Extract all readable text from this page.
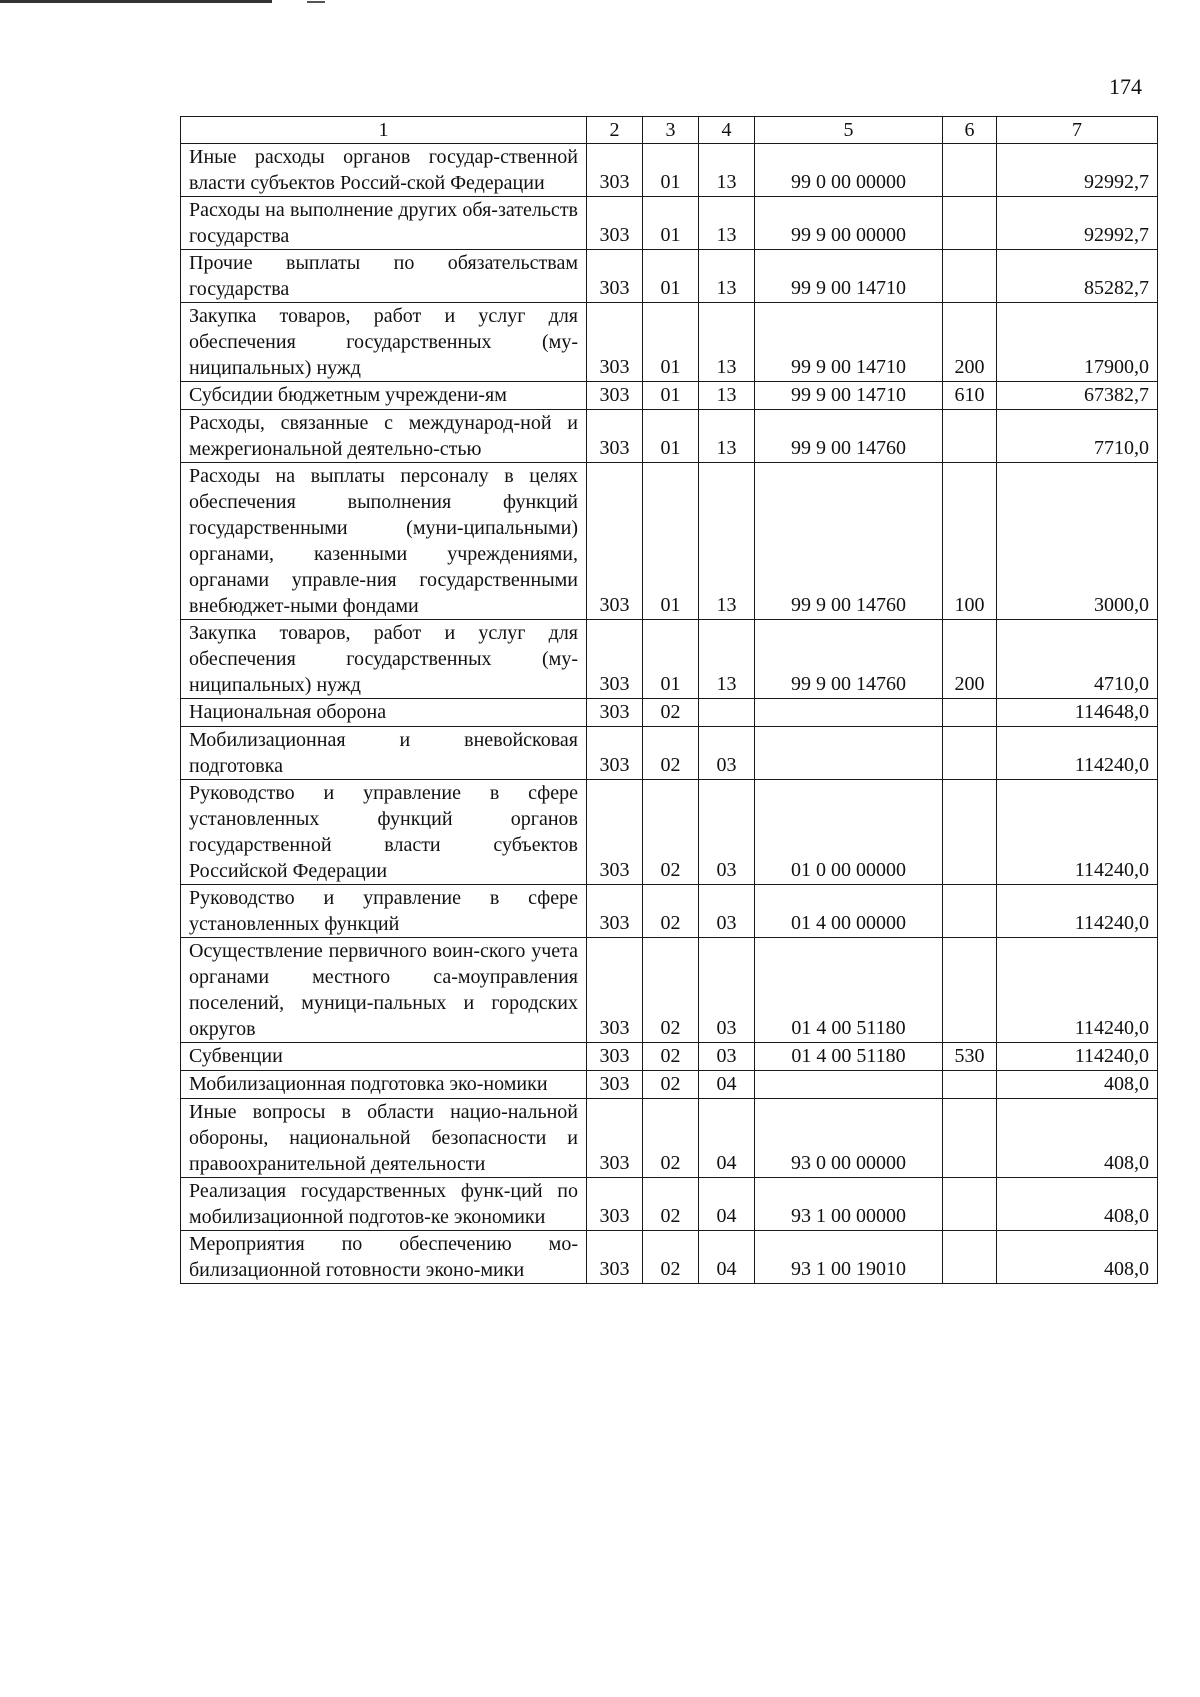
174
1	2	3	4	5	6	7
Иные расходы органов государ-ственной власти субъектов Россий-ской Федерации	303	01	13	99 0 00 00000		92992,7
Расходы на выполнение других обя-зательств государства	303	01	13	99 9 00 00000		92992,7
Прочие выплаты по обязательствам государства	303	01	13	99 9 00 14710		85282,7
Закупка товаров, работ и услуг для обеспечения государственных (му-ниципальных) нужд	303	01	13	99 9 00 14710	200	17900,0
Субсидии бюджетным учреждени-ям	303	01	13	99 9 00 14710	610	67382,7
Расходы, связанные с международ-ной и межрегиональной деятельно-стью	303	01	13	99 9 00 14760		7710,0
Расходы на выплаты персоналу в целях обеспечения выполнения функций государственными (муни-ципальными) органами, казенными учреждениями, органами управле-ния государственными внебюджет-ными фондами	303	01	13	99 9 00 14760	100	3000,0
Закупка товаров, работ и услуг для обеспечения государственных (му-ниципальных) нужд	303	01	13	99 9 00 14760	200	4710,0
Национальная оборона	303	02				114648,0
Мобилизационная и вневойсковая подготовка	303	02	03			114240,0
Руководство и управление в сфере установленных функций органов государственной власти субъектов Российской Федерации	303	02	03	01 0 00 00000		114240,0
Руководство и управление в сфере установленных функций	303	02	03	01 4 00 00000		114240,0
Осуществление первичного воин-ского учета органами местного са-моуправления поселений, муници-пальных и городских округов	303	02	03	01 4 00 51180		114240,0
Субвенции	303	02	03	01 4 00 51180	530	114240,0
Мобилизационная подготовка эко-номики	303	02	04			408,0
Иные вопросы в области нацио-нальной обороны, национальной безопасности и правоохранительной деятельности	303	02	04	93 0 00 00000		408,0
Реализация государственных функ-ций по мобилизационной подготов-ке экономики	303	02	04	93 1 00 00000		408,0
Мероприятия по обеспечению мо-билизационной готовности эконо-мики	303	02	04	93 1 00 19010		408,0
